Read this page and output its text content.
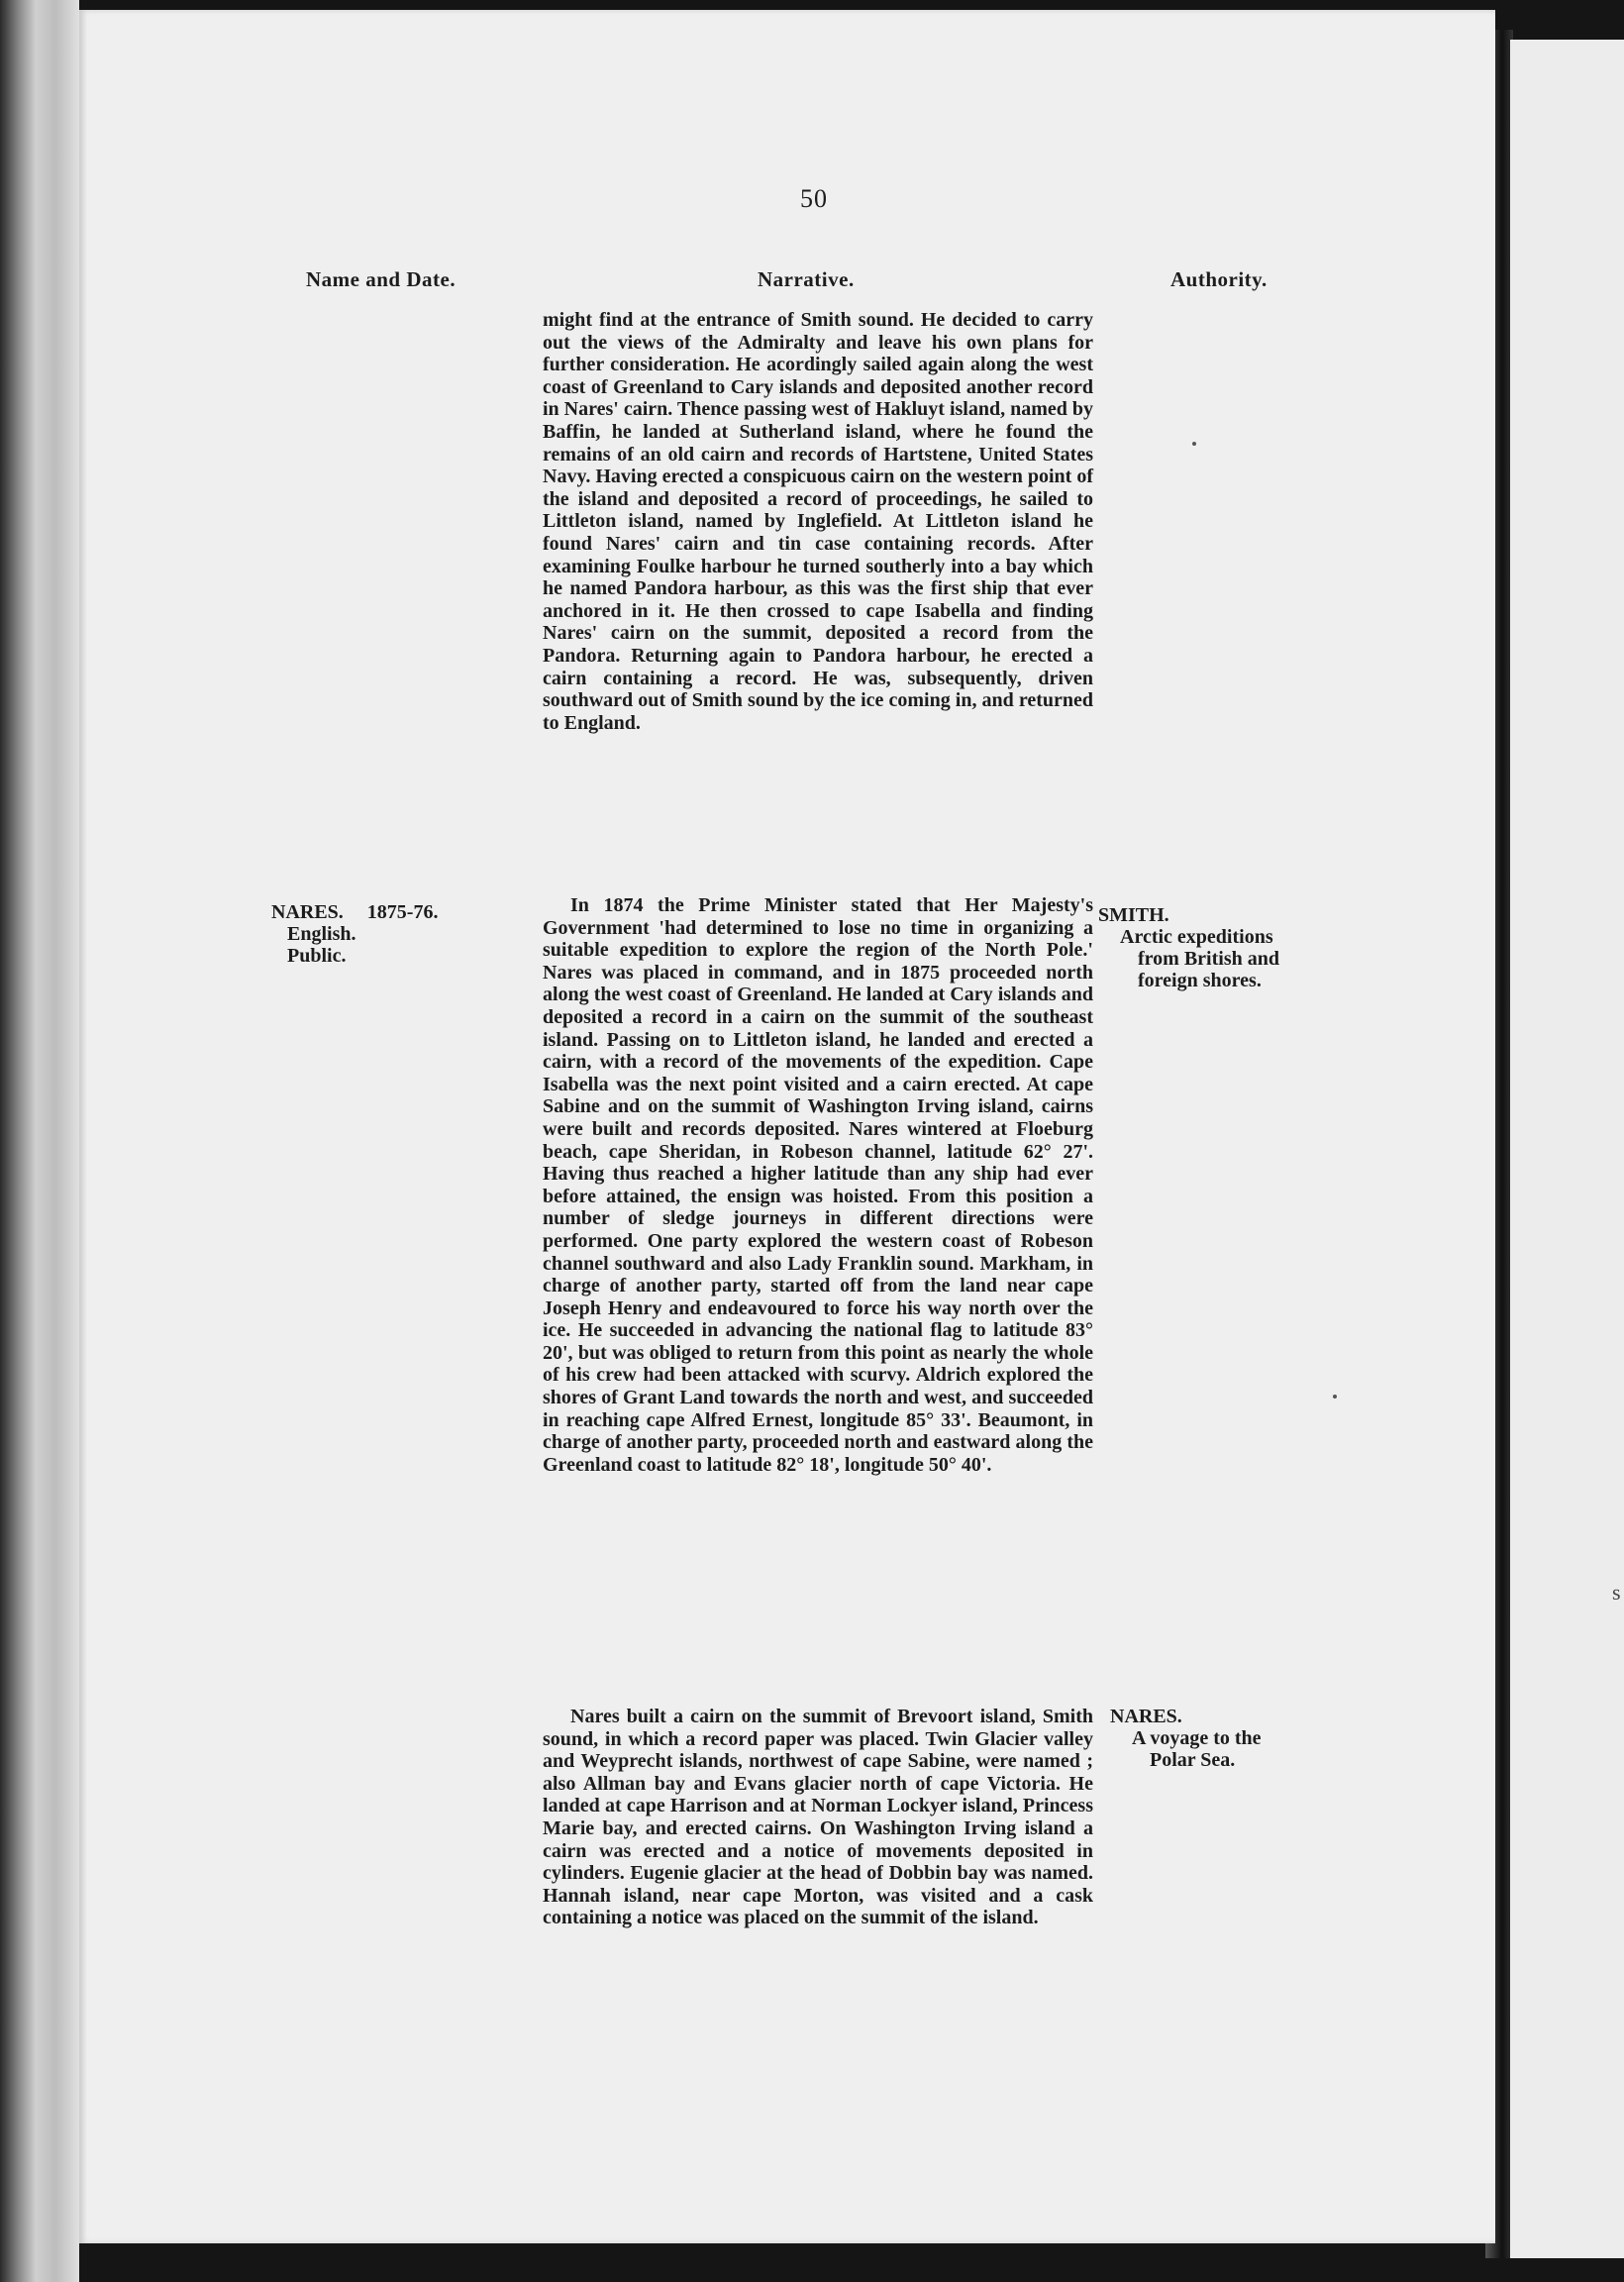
s
50
Name and Date.	Narrative.	Authority.

might find at the entrance of Smith sound. He decided to carry out the views of the Admiralty and leave his own plans for further consideration. He acordingly sailed again along the west coast of Greenland to Cary islands and deposited another record in Nares' cairn. Thence passing west of Hakluyt island, named by Baffin, he landed at Sutherland island, where he found the remains of an old cairn and records of Hartstene, United States Navy. Having erected a conspicuous cairn on the western point of the island and deposited a record of proceedings, he sailed to Littleton island, named by Inglefield. At Littleton island he found Nares' cairn and tin case containing records. After examining Foulke harbour he turned southerly into a bay which he named Pandora harbour, as this was the first ship that ever anchored in it. He then crossed to cape Isabella and finding Nares' cairn on the summit, deposited a record from the Pandora. Returning again to Pandora harbour, he erected a cairn containing a record. He was, subsequently, driven southward out of Smith sound by the ice coming in, and returned to England.

NARES. 1875-76.
English.
Public.

In 1874 the Prime Minister stated that Her Majesty's Government 'had determined to lose no time in organizing a suitable expedition to explore the region of the North Pole.' Nares was placed in command, and in 1875 proceeded north along the west coast of Greenland. He landed at Cary islands and deposited a record in a cairn on the summit of the southeast island. Passing on to Littleton island, he landed and erected a cairn, with a record of the movements of the expedition. Cape Isabella was the next point visited and a cairn erected. At cape Sabine and on the summit of Washington Irving island, cairns were built and records deposited. Nares wintered at Floeburg beach, cape Sheridan, in Robeson channel, latitude 62° 27'. Having thus reached a higher latitude than any ship had ever before attained, the ensign was hoisted. From this position a number of sledge journeys in different directions were performed. One party explored the western coast of Robeson channel southward and also Lady Franklin sound. Markham, in charge of another party, started off from the land near cape Joseph Henry and endeavoured to force his way north over the ice. He succeeded in advancing the national flag to latitude 83° 20', but was obliged to return from this point as nearly the whole of his crew had been attacked with scurvy. Aldrich explored the shores of Grant Land towards the north and west, and succeeded in reaching cape Alfred Ernest, longitude 85° 33'. Beaumont, in charge of another party, proceeded north and eastward along the Greenland coast to latitude 82° 18', longitude 50° 40'.

Nares built a cairn on the summit of Brevoort island, Smith sound, in which a record paper was placed. Twin Glacier valley and Weyprecht islands, northwest of cape Sabine, were named ; also Allman bay and Evans glacier north of cape Victoria. He landed at cape Harrison and at Norman Lockyer island, Princess Marie bay, and erected cairns. On Washington Irving island a cairn was erected and a notice of movements deposited in cylinders. Eugenie glacier at the head of Dobbin bay was named. Hannah island, near cape Morton, was visited and a cask containing a notice was placed on the summit of the island.

SMITH.
Arctic expeditions
from British and
foreign shores.
NARES.
A voyage to the
Polar Sea.
